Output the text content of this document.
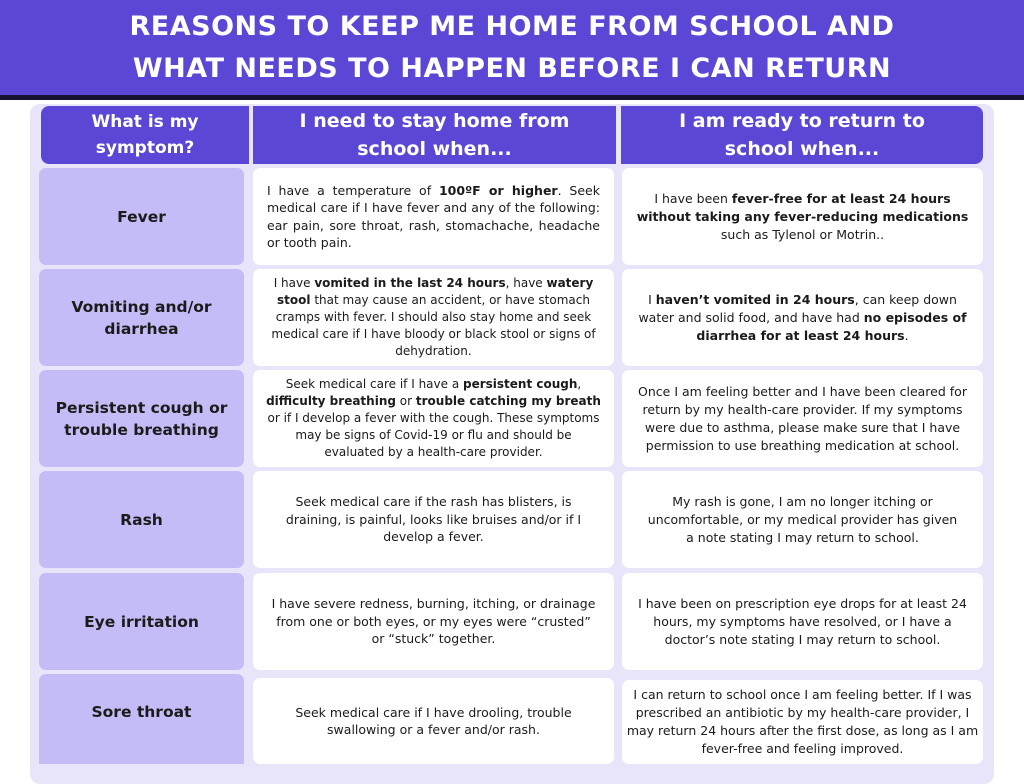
REASONS TO KEEP ME HOME FROM SCHOOL AND
WHAT NEEDS TO HAPPEN BEFORE I CAN RETURN
What is my
symptom?
I need to stay home from
school when...
I am ready to return to
school when...
Fever
I have a temperature of 100ºF or higher. Seek medical care if I have fever and any of the following: ear pain, sore throat, rash, stomachache, headache or tooth pain.
I have been fever-free for at least 24 hours without taking any fever-reducing medications such as Tylenol or Motrin..
Vomiting and/or diarrhea
I have vomited in the last 24 hours, have watery stool that may cause an accident, or have stomach cramps with fever. I should also stay home and seek medical care if I have bloody or black stool or signs of dehydration.
I haven’t vomited in 24 hours, can keep down water and solid food, and have had no episodes of diarrhea for at least 24 hours.
Persistent cough or trouble breathing
Seek medical care if I have a persistent cough, difficulty breathing or trouble catching my breath or if I develop a fever with the cough. These symptoms may be signs of Covid-19 or flu and should be evaluated by a health-care provider.
Once I am feeling better and I have been cleared for return by my health-care provider. If my symptoms were due to asthma, please make sure that I have permission to use breathing medication at school.
Rash
Seek medical care if the rash has blisters, is draining, is painful, looks like bruises and/or if I develop a fever.
My rash is gone, I am no longer itching or uncomfortable, or my medical provider has given a note stating I may return to school.
Eye irritation
I have severe redness, burning, itching, or drainage from one or both eyes, or my eyes were “crusted” or “stuck” together.
I have been on prescription eye drops for at least 24 hours, my symptoms have resolved, or I have a doctor’s note stating I may return to school.
Sore throat	Seek medical care if I have drooling, trouble swallowing or a fever and/or rash.
I can return to school once I am feeling better. If I was prescribed an antibiotic by my health-care provider, I may return 24 hours after the first dose, as long as I am fever-free and feeling improved.
